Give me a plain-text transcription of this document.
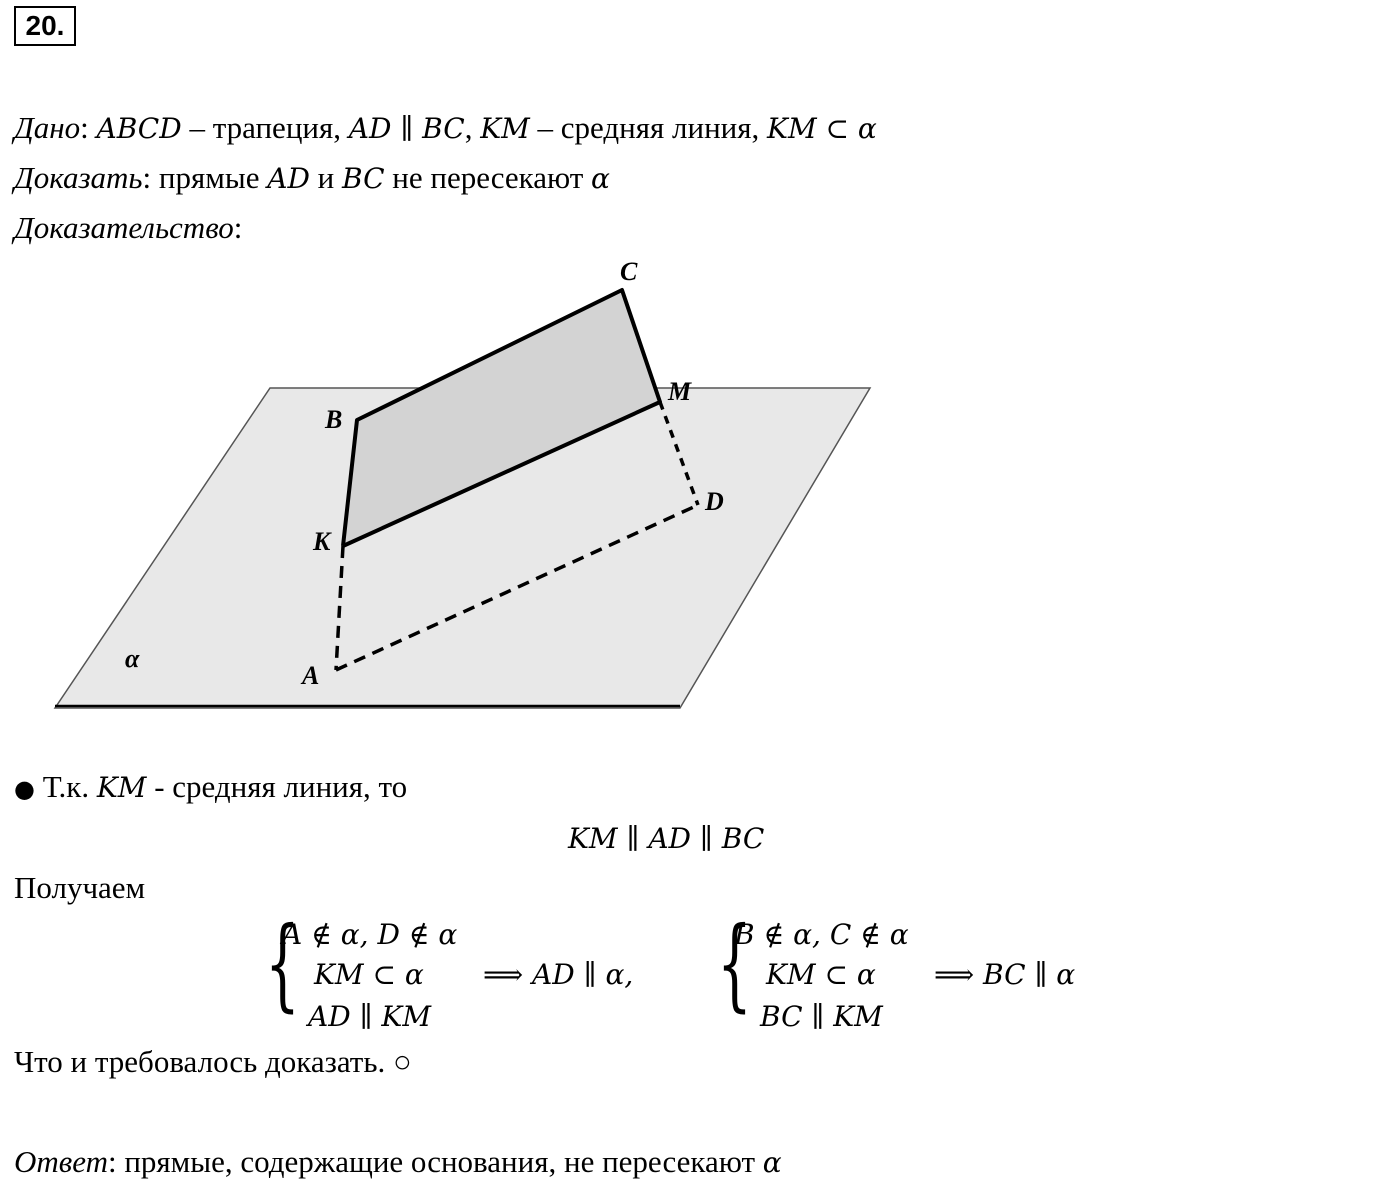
20.
Дано: ABCD – трапеция, AD ∥ BC, KM – средняя линия, KM ⊂ α
Доказать: прямые AD и BC не пересекают α
Доказательство:
C
M
B
D
K
A
α
● Т.к. KM - средняя линия, то
KM ∥ AD ∥ BC
Получаем
{
A ∉ α, D ∉ α
KM ⊂ α
AD ∥ KM
⟹ AD ∥ α, {
B ∉ α, C ∉ α
KM ⊂ α
BC ∥ KM
⟹ BC ∥ α
Что и требовалось доказать. ○
Ответ: прямые, содержащие основания, не пересекают α
